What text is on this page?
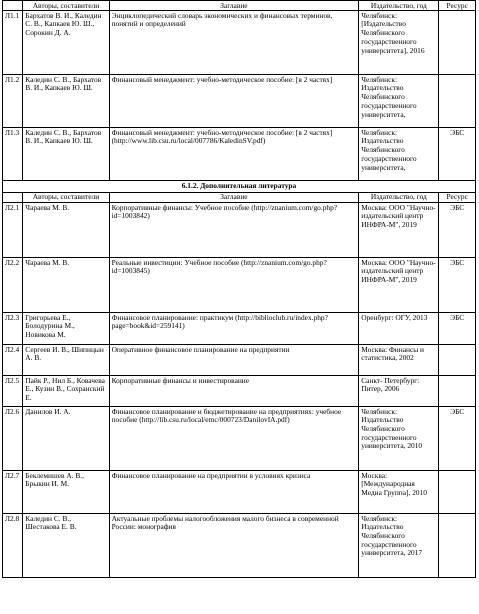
	Авторы, составители	Заглавие	Издательство, год	Ресурс
Л1.1	Бархатов В. И., Каледин С. В., Капкаев Ю. Ш., Сорокин Д. А.	Энциклопедический словарь экономических и финансовых терминов, понятий и определений	Челябинск: [Издательство Челябинского государственного университета], 2016	
Л1.2	Каледин С. В., Бархатов В. И., Капкаев Ю. Ш.	Финансовый менеджмент: учебно-методическое пособие: [в 2 частях]	Челябинск: Издательство Челябинского государственного университета,	
Л1.3	Каледин С. В., Бархатов В. И., Капкаев Ю. Ш.	Финансовый менеджмент: учебно-методическое пособие: [в 2 частях] (http://www.lib.csu.ru/local/007786/KaledinSV.pdf)	Челябинск: Издательство Челябинского государственного университета,	ЭБС
6.1.2. Дополнительная литература				
	Авторы, составители	Заглавие	Издательство, год	Ресурс
Л2.1	Чараева М. В.	Корпоративные финансы: Учебное пособие (http://znanium.com/go.php?id=1003842)	Москва: ООО "Научно-издательский центр ИНФРА-М", 2019	ЭБС
Л2.2	Чараева М. В.	Реальные инвестиции: Учебное пособие (http://znanium.com/go.php?id=1003845)	Москва: ООО "Научно-издательский центр ИНФРА-М", 2019	ЭБС
Л2.3	Григорьева Е., Болодурина М., Новикова М.	Финансовое планирование: практикум (http://biblioclub.ru/index.php?page=book&id=259141)	Оренбург: ОГУ, 2013	ЭБС
Л2.4	Сергеев И. В., Шипицын А. В.	Оперативное финансовое планирование на предприятии	Москва: Финансы и статистика, 2002	
Л2.5	Пайк Р., Нил Б., Ковачева Е., Кузин В., Сохранский Е.	Корпоративные финансы и инвестирование	Санкт- Петербург: Питер, 2006	
Л2.6	Данилов И. А.	Финансовое планирование и бюджетирование на предприятиях: учебное пособие (http://lib.csu.ru/local/emc/000723/DanilovIA.pdf)	Челябинск: Издательство Челябинского государственного университета, 2010	ЭБС
Л2.7	Беклемишев А. В., Брыкин И. М.	Финансовое планирование на предприятии в условиях кризиса	Москва: [Международная Медиа Группа], 2010	
Л2.8	Каледин С. В., Шестакова Е. В.	Актуальные проблемы налогообложения малого бизнеса в современной России: монография	Челябинск: Издательство Челябинского государственного университета, 2017	
